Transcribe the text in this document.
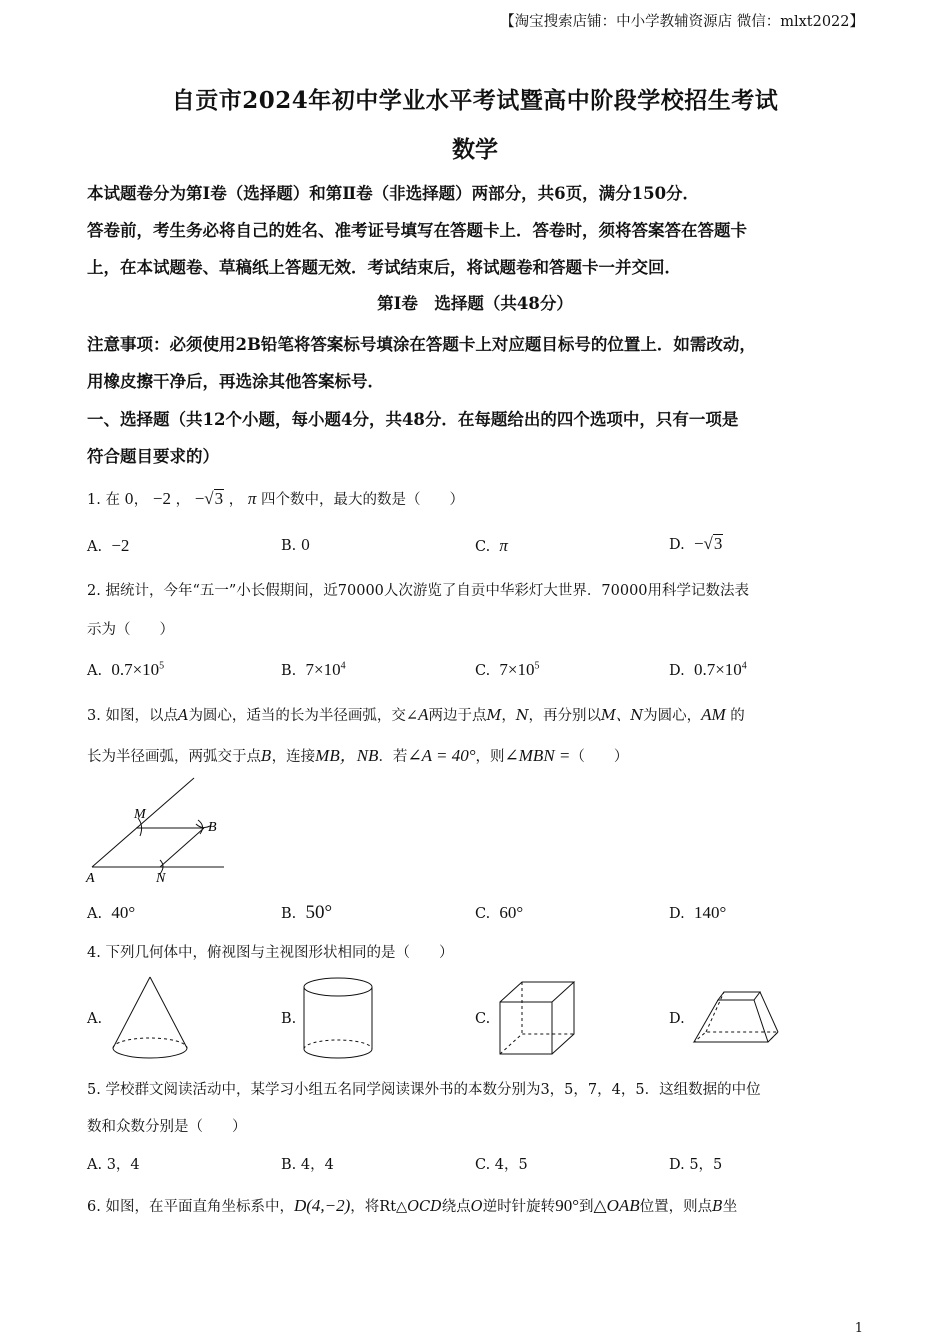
【淘宝搜索店铺：中小学教辅资源店 微信：mlxt2022】
自贡市2024年初中学业水平考试暨高中阶段学校招生考试
数学
本试题卷分为第Ⅰ卷（选择题）和第Ⅱ卷（非选择题）两部分，共6页，满分150分．
答卷前，考生务必将自己的姓名、准考证号填写在答题卡上．答卷时，须将答案答在答题卡
上，在本试题卷、草稿纸上答题无效．考试结束后，将试题卷和答题卡一并交回．
第Ⅰ卷　选择题（共48分）
注意事项：必须使用2B铅笔将答案标号填涂在答题卡上对应题目标号的位置上．如需改动，
用橡皮擦干净后，再选涂其他答案标号．
一、选择题（共12个小题，每小题4分，共48分．在每题给出的四个选项中，只有一项是
符合题目要求的）
1. 在 0， −2 ， −√3 ， π 四个数中，最大的数是（　　）
A. −2	B. 0	C. π	D. −√3
2. 据统计，今年“五一”小长假期间，近70000人次游览了自贡中华彩灯大世界．70000用科学记数法表
示为（　　）
A. $0.7\times 10^5$	B. $7\times 10^4$	C. $7\times 10^5$	D. $0.7\times 10^4$
3. 如图，以点A为圆心，适当的长为半径画弧，交∠A两边于点M，N，再分别以M、N为圆心，AM 的
长为半径画弧，两弧交于点B，连接MB，NB．若∠A = 40°，则∠MBN =（　　）
M
B
A	N
A. 40°	B. 50°	C. 60°	D. 140°
4. 下列几何体中，俯视图与主视图形状相同的是（　　）
A.	B.	C.	D.
5. 学校群文阅读活动中，某学习小组五名同学阅读课外书的本数分别为3，5，7，4，5．这组数据的中位
数和众数分别是（　　）
A. 3，4	B. 4，4	C. 4，5	D. 5，5
6. 如图，在平面直角坐标系中，D(4,−2)，将Rt△OCD绕点O逆时针旋转90°到△OAB位置，则点B坐
1
